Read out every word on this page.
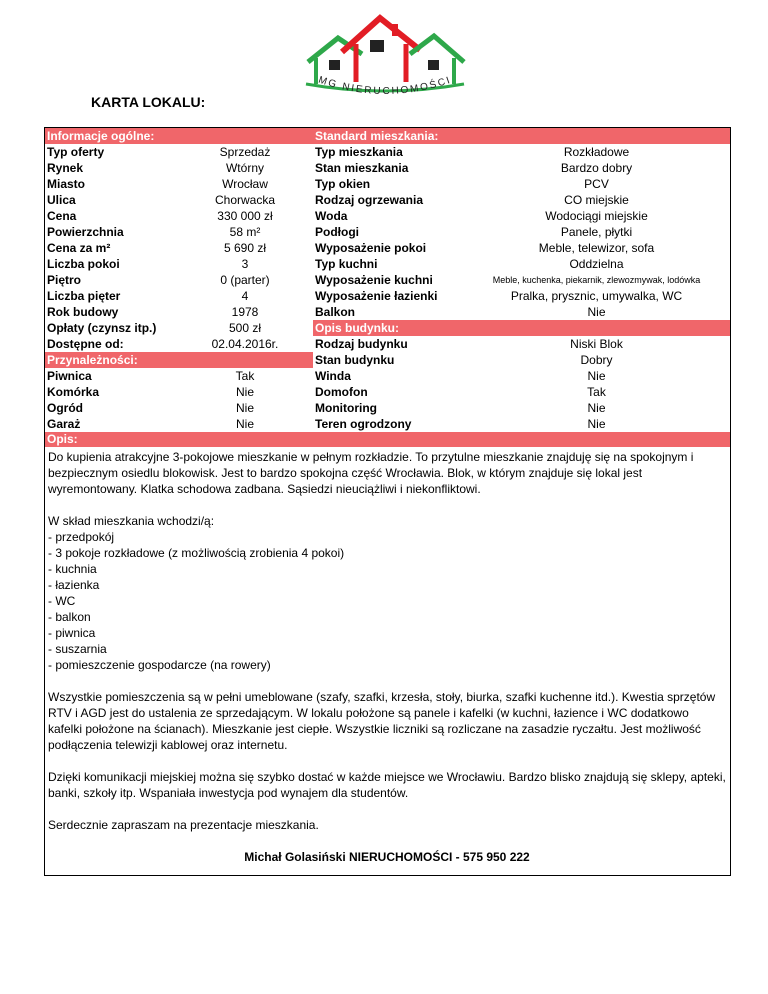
MG NIERUCHOMOŚCI
KARTA LOKALU:
Informacje ogólne:	Standard mieszkania:
Typ oferty	Sprzedaż	Typ mieszkania	Rozkładowe
Rynek	Wtórny	Stan mieszkania	Bardzo dobry
Miasto	Wrocław	Typ okien	PCV
Ulica	Chorwacka	Rodzaj ogrzewania	CO miejskie
Cena	330 000 zł	Woda	Wodociągi miejskie
Powierzchnia	58 m²	Podłogi	Panele, płytki
Cena za m²	5 690 zł	Wyposażenie pokoi	Meble, telewizor, sofa
Liczba pokoi	3	Typ kuchni	Oddzielna
Piętro	0 (parter)	Wyposażenie kuchni	Meble, kuchenka, piekarnik, zlewozmywak, lodówka
Liczba pięter	4	Wyposażenie łazienki	Pralka, prysznic, umywalka, WC
Rok budowy	1978	Balkon	Nie
Opłaty (czynsz itp.)	500 zł	Opis budynku:
Dostępne od:	02.04.2016r.	Rodzaj budynku	Niski Blok
Przynależności:	Stan budynku	Dobry
Piwnica	Tak	Winda	Nie
Komórka	Nie	Domofon	Tak
Ogród	Nie	Monitoring	Nie
Garaż	Nie	Teren ogrodzony	Nie
Opis:

Do kupienia atrakcyjne 3-pokojowe mieszkanie w pełnym rozkładzie. To przytulne mieszkanie znajduję się na spokojnym i bezpiecznym osiedlu blokowisk. Jest to bardzo spokojna część Wrocławia. Blok, w którym znajduje się lokal jest wyremontowany. Klatka schodowa zadbana. Sąsiedzi nieuciążliwi i niekonfliktowi.

W skład mieszkania wchodzi/ą:
- przedpokój
- 3 pokoje rozkładowe (z możliwością zrobienia 4 pokoi)
- kuchnia
- łazienka
- WC
- balkon
- piwnica
- suszarnia
- pomieszczenie gospodarcze (na rowery)

Wszystkie pomieszczenia są w pełni umeblowane (szafy, szafki, krzesła, stoły, biurka, szafki kuchenne itd.). Kwestia sprzętów RTV i AGD jest do ustalenia ze sprzedającym. W lokalu położone są panele i kafelki (w kuchni, łazience i WC dodatkowo kafelki położone na ścianach). Mieszkanie jest ciepłe. Wszystkie liczniki są rozliczane na zasadzie ryczałtu. Jest możliwość podłączenia telewizji kablowej oraz internetu.

Dzięki komunikacji miejskiej można się szybko dostać w każde miejsce we Wrocławiu. Bardzo blisko znajdują się sklepy, apteki, banki, szkoły itp. Wspaniała inwestycja pod wynajem dla studentów.

Serdecznie zapraszam na prezentacje mieszkania.

Michał Golasiński NIERUCHOMOŚCI - 575 950 222
